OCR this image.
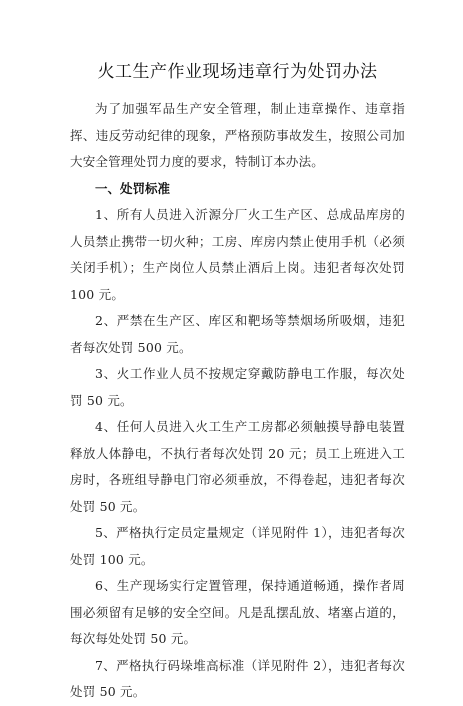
火工生产作业现场违章行为处罚办法

为了加强军品生产安全管理，制止违章操作、违章指挥、违反劳动纪律的现象，严格预防事故发生，按照公司加大安全管理处罚力度的要求，特制订本办法。

一、处罚标准

1、所有人员进入沂源分厂火工生产区、总成品库房的人员禁止携带一切火种；工房、库房内禁止使用手机（必须关闭手机）；生产岗位人员禁止酒后上岗。违犯者每次处罚 100 元。

2、严禁在生产区、库区和靶场等禁烟场所吸烟，违犯者每次处罚 500 元。

3、火工作业人员不按规定穿戴防静电工作服，每次处罚 50 元。

4、任何人员进入火工生产工房都必须触摸导静电装置释放人体静电，不执行者每次处罚 20 元；员工上班进入工房时，各班组导静电门帘必须垂放，不得卷起，违犯者每次处罚 50 元。

5、严格执行定员定量规定（详见附件 1），违犯者每次处罚 100 元。

6、生产现场实行定置管理，保持通道畅通，操作者周围必须留有足够的安全空间。凡是乱摆乱放、堵塞占道的，每次每处处罚 50 元。

7、严格执行码垛堆高标准（详见附件 2），违犯者每次处罚 50 元。
